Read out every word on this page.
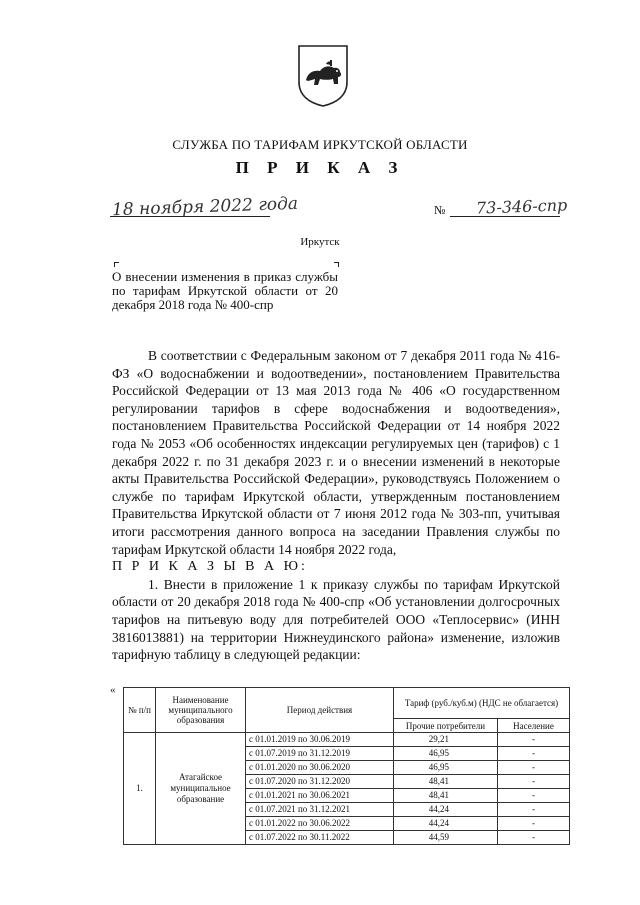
СЛУЖБА ПО ТАРИФАМ ИРКУТСКОЙ ОБЛАСТИ
П Р И К А З
18 ноября 2022 года	№ 73-346-спр
Иркутск
О внесении изменения в приказ службы по тарифам Иркутской области от 20 декабря 2018 года № 400-спр

В соответствии с Федеральным законом от 7 декабря 2011 года № 416-ФЗ «О водоснабжении и водоотведении», постановлением Правительства Российской Федерации от 13 мая 2013 года № 406 «О государственном регулировании тарифов в сфере водоснабжения и водоотведения», постановлением Правительства Российской Федерации от 14 ноября 2022 года № 2053 «Об особенностях индексации регулируемых цен (тарифов) с 1 декабря 2022 г. по 31 декабря 2023 г. и о внесении изменений в некоторые акты Правительства Российской Федерации», руководствуясь Положением о службе по тарифам Иркутской области, утвержденным постановлением Правительства Иркутской области от 7 июня 2012 года № 303-пп, учитывая итоги рассмотрения данного вопроса на заседании Правления службы по тарифам Иркутской области 14 ноября 2022 года,

П Р И К А З Ы В А Ю:

1. Внести в приложение 1 к приказу службы по тарифам Иркутской области от 20 декабря 2018 года № 400-спр «Об установлении долгосрочных тарифов на питьевую воду для потребителей ООО «Теплосервис» (ИНН 3816013881) на территории Нижнеудинского района» изменение, изложив тарифную таблицу в следующей редакции:

«
№ п/п	Наименование муниципального образования	Период действия	Тариф (руб./куб.м) (НДС не облагается)	
			Прочие потребители	Население
1.	Атагайское муниципальное образование	с 01.01.2019 по 30.06.2019	29,21	-
		с 01.07.2019 по 31.12.2019	46,95	-
		с 01.01.2020 по 30.06.2020	46,95	-
		с 01.07.2020 по 31.12.2020	48,41	-
		с 01.01.2021 по 30.06.2021	48,41	-
		с 01.07.2021 по 31.12.2021	44,24	-
		с 01.01.2022 по 30.06.2022	44,24	-
		с 01.07.2022 по 30.11.2022	44,59	-
